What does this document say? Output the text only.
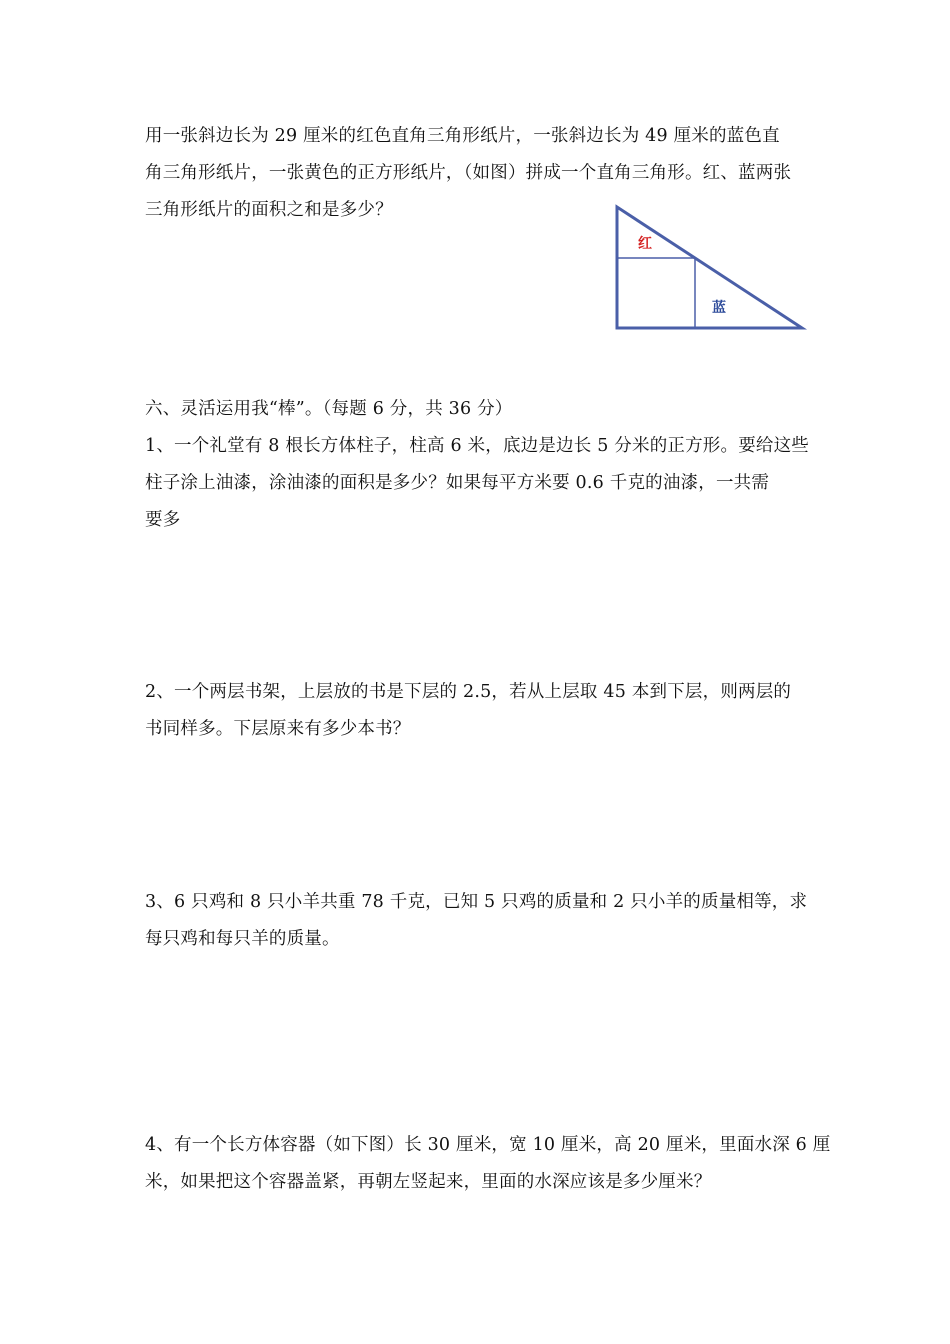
用一张斜边长为 29 厘米的红色直角三角形纸片，一张斜边长为 49 厘米的蓝色直
角三角形纸片，一张黄色的正方形纸片，（如图）拼成一个直角三角形。红、蓝两张
三角形纸片的面积之和是多少？
红
蓝
六、灵活运用我“棒”。（每题 6 分，共 36 分）
1、一个礼堂有 8 根长方体柱子，柱高 6 米，底边是边长 5 分米的正方形。要给这些
柱子涂上油漆，涂油漆的面积是多少？如果每平方米要 0.6 千克的油漆，一共需
要多
2、一个两层书架，上层放的书是下层的 2.5，若从上层取 45 本到下层，则两层的
书同样多。下层原来有多少本书？
3、6 只鸡和 8 只小羊共重 78 千克，已知 5 只鸡的质量和 2 只小羊的质量相等，求
每只鸡和每只羊的质量。
4、有一个长方体容器（如下图）长 30 厘米，宽 10 厘米，高 20 厘米，里面水深 6 厘
米，如果把这个容器盖紧，再朝左竖起来，里面的水深应该是多少厘米？
